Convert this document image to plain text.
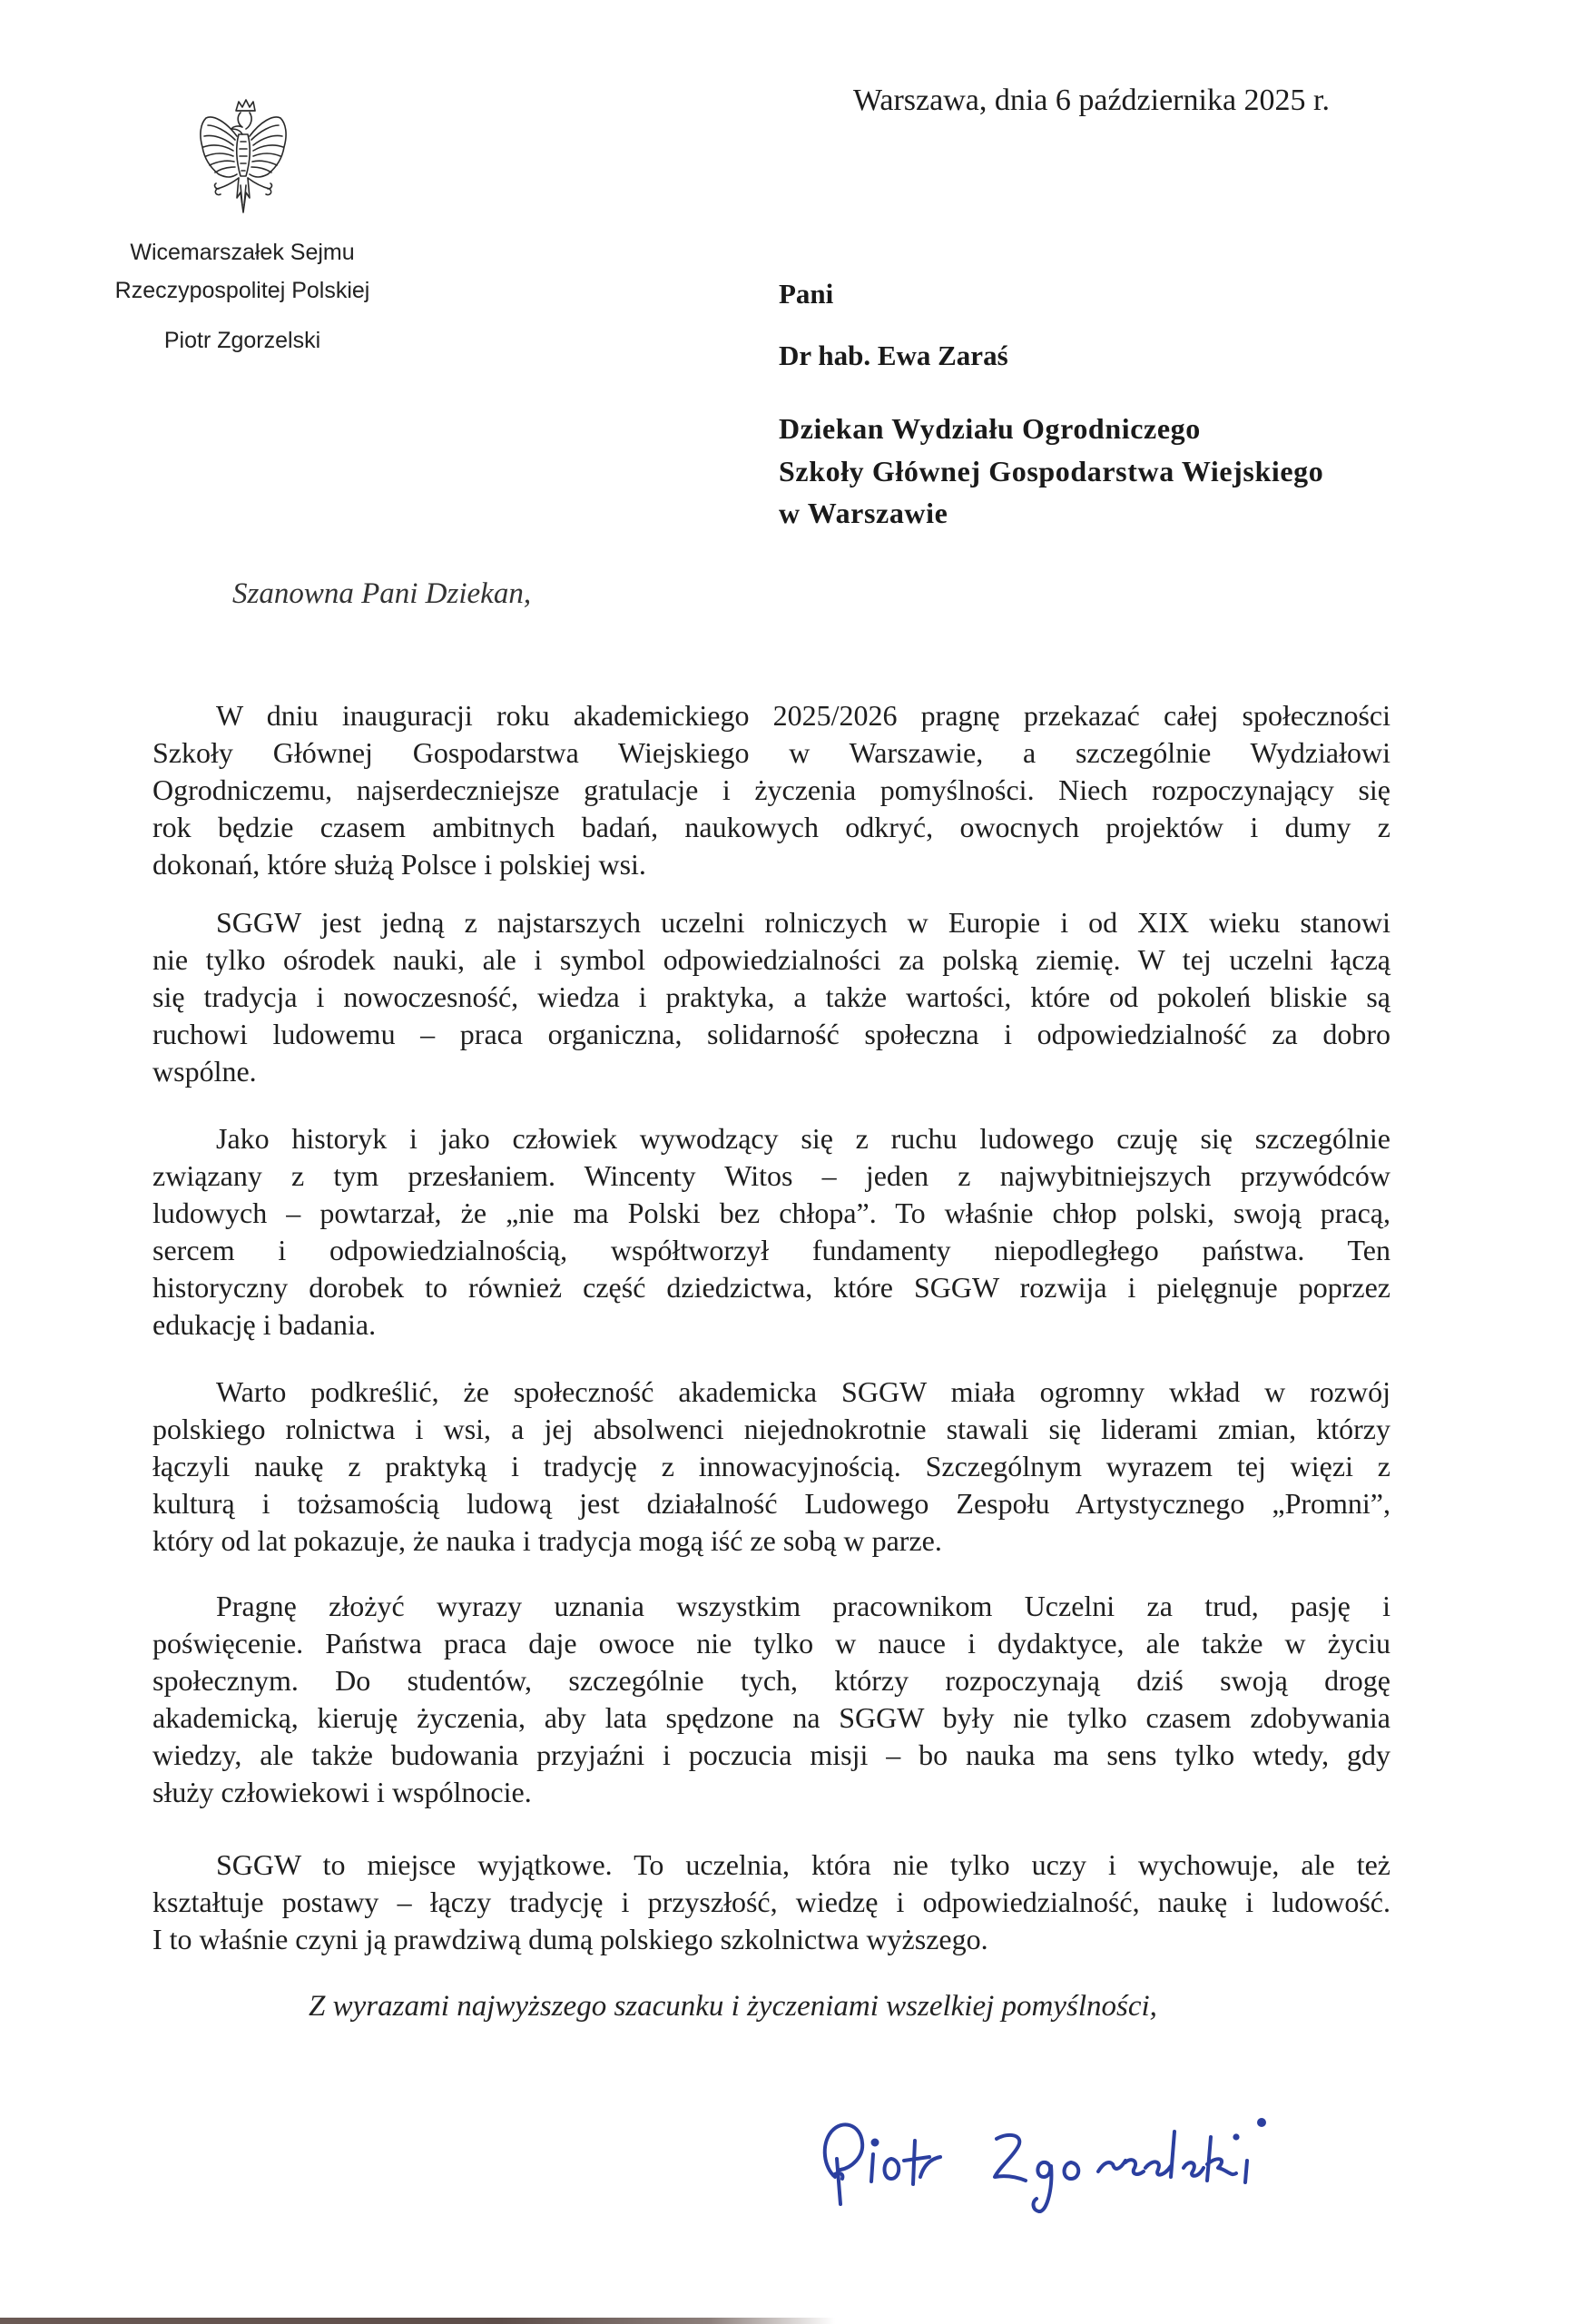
Wicemarszałek Sejmu
Rzeczypospolitej Polskiej
Piotr Zgorzelski
Warszawa, dnia 6 października 2025 r.
Pani
Dr hab. Ewa Zaraś
Dziekan Wydziału Ogrodniczego
Szkoły Głównej Gospodarstwa Wiejskiego
w Warszawie
Szanowna Pani Dziekan,
W dniu inauguracji roku akademickiego 2025/2026 pragnę przekazać całej społeczności
Szkoły Głównej Gospodarstwa Wiejskiego w Warszawie, a szczególnie Wydziałowi
Ogrodniczemu, najserdeczniejsze gratulacje i życzenia pomyślności. Niech rozpoczynający się
rok będzie czasem ambitnych badań, naukowych odkryć, owocnych projektów i dumy z
dokonań, które służą Polsce i polskiej wsi.
SGGW jest jedną z najstarszych uczelni rolniczych w Europie i od XIX wieku stanowi
nie tylko ośrodek nauki, ale i symbol odpowiedzialności za polską ziemię. W tej uczelni łączą
się tradycja i nowoczesność, wiedza i praktyka, a także wartości, które od pokoleń bliskie są
ruchowi ludowemu – praca organiczna, solidarność społeczna i odpowiedzialność za dobro
wspólne.
Jako historyk i jako człowiek wywodzący się z ruchu ludowego czuję się szczególnie
związany z tym przesłaniem. Wincenty Witos – jeden z najwybitniejszych przywódców
ludowych – powtarzał, że „nie ma Polski bez chłopa”. To właśnie chłop polski, swoją pracą,
sercem i odpowiedzialnością, współtworzył fundamenty niepodległego państwa. Ten
historyczny dorobek to również część dziedzictwa, które SGGW rozwija i pielęgnuje poprzez
edukację i badania.
Warto podkreślić, że społeczność akademicka SGGW miała ogromny wkład w rozwój
polskiego rolnictwa i wsi, a jej absolwenci niejednokrotnie stawali się liderami zmian, którzy
łączyli naukę z praktyką i tradycję z innowacyjnością. Szczególnym wyrazem tej więzi z
kulturą i tożsamością ludową jest działalność Ludowego Zespołu Artystycznego „Promni”,
który od lat pokazuje, że nauka i tradycja mogą iść ze sobą w parze.
Pragnę złożyć wyrazy uznania wszystkim pracownikom Uczelni za trud, pasję i
poświęcenie. Państwa praca daje owoce nie tylko w nauce i dydaktyce, ale także w życiu
społecznym. Do studentów, szczególnie tych, którzy rozpoczynają dziś swoją drogę
akademicką, kieruję życzenia, aby lata spędzone na SGGW były nie tylko czasem zdobywania
wiedzy, ale także budowania przyjaźni i poczucia misji – bo nauka ma sens tylko wtedy, gdy
służy człowiekowi i wspólnocie.
SGGW to miejsce wyjątkowe. To uczelnia, która nie tylko uczy i wychowuje, ale też
kształtuje postawy – łączy tradycję i przyszłość, wiedzę i odpowiedzialność, naukę i ludowość.
I to właśnie czyni ją prawdziwą dumą polskiego szkolnictwa wyższego.
Z wyrazami najwyższego szacunku i życzeniami wszelkiej pomyślności,
